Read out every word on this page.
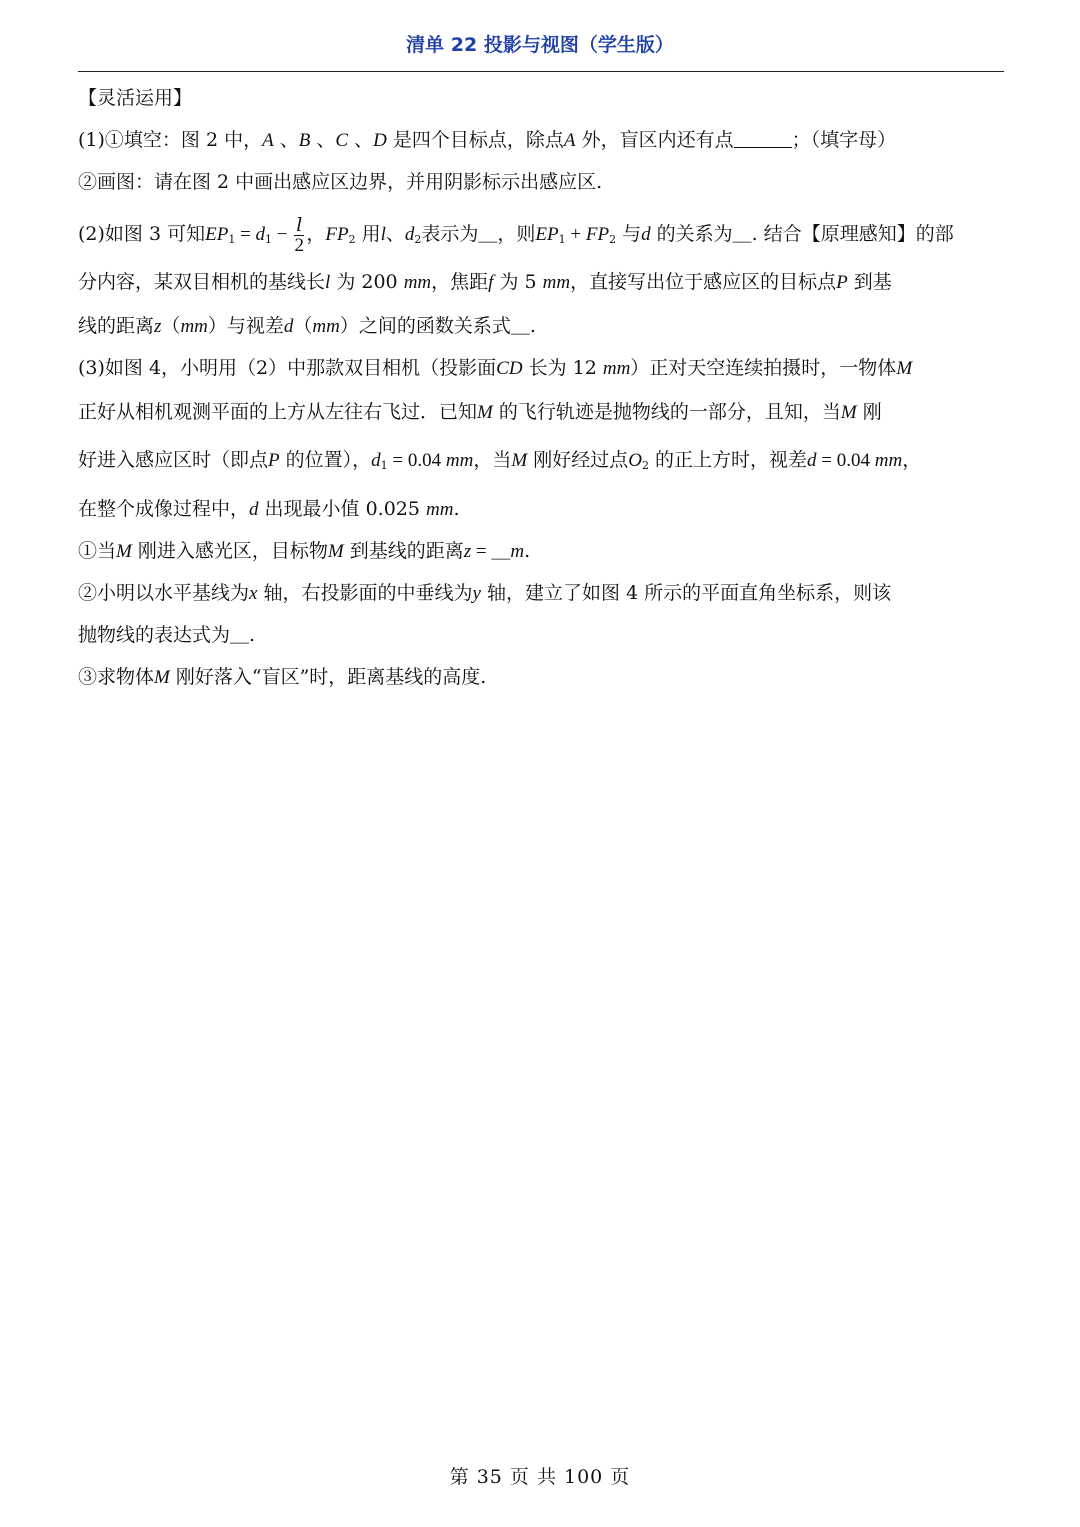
清单 22 投影与视图（学生版）
【灵活运用】
(1)①填空：图 2 中，A 、B 、C 、D 是四个目标点，除点A 外，盲区内还有点	；（填字母）
②画图：请在图 2 中画出感应区边界，并用阴影标示出感应区.
(2)如图 3 可知$EP_1 = d_1 - \frac{l}{2}$ ，$FP_2$ 用l、$d_2$表示为＿，则$EP_1 + FP_2$ 与d 的关系为＿. 结合【原理感知】的部
分内容，某双目相机的基线长l 为 200 mm，焦距f 为 5 mm，直接写出位于感应区的目标点P 到基
线的距离z（mm）与视差d（mm）之间的函数关系式＿.
(3)如图 4，小明用（2）中那款双目相机（投影面CD 长为 12 mm）正对天空连续拍摄时，一物体M
正好从相机观测平面的上方从左往右飞过．已知M 的飞行轨迹是抛物线的一部分，且知，当M 刚
好进入感应区时（即点P 的位置），$d_1 = 0.04$ mm，当M 刚好经过点$O_2$ 的正上方时，视差d = 0.04 mm，
在整个成像过程中，d 出现最小值 0.025 mm.
①当M 刚进入感光区，目标物M 到基线的距离z = ＿m.
②小明以水平基线为x 轴，右投影面的中垂线为y 轴，建立了如图 4 所示的平面直角坐标系，则该
抛物线的表达式为＿.
③求物体M 刚好落入“盲区”时，距离基线的高度.
第 35 页 共 100 页
